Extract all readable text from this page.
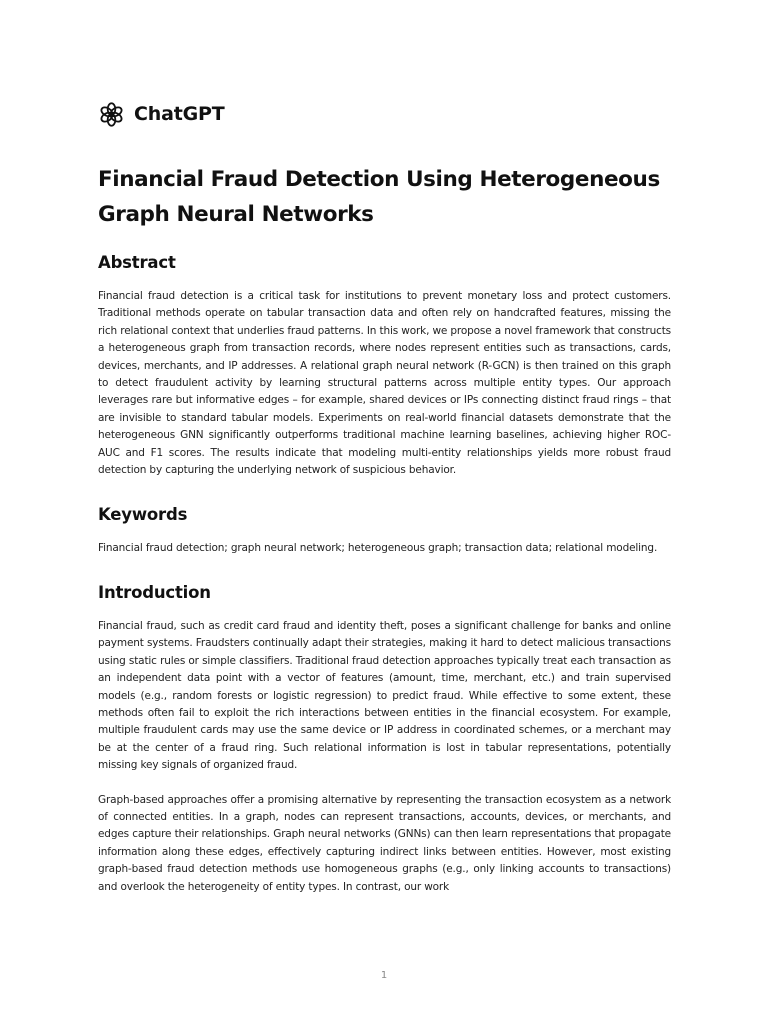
ChatGPT
Financial Fraud Detection Using Heterogeneous Graph Neural Networks
Abstract

Financial fraud detection is a critical task for institutions to prevent monetary loss and protect customers. Traditional methods operate on tabular transaction data and often rely on handcrafted features, missing the rich relational context that underlies fraud patterns. In this work, we propose a novel framework that constructs a heterogeneous graph from transaction records, where nodes represent entities such as transactions, cards, devices, merchants, and IP addresses. A relational graph neural network (R-GCN) is then trained on this graph to detect fraudulent activity by learning structural patterns across multiple entity types. Our approach leverages rare but informative edges – for example, shared devices or IPs connecting distinct fraud rings – that are invisible to standard tabular models. Experiments on real-world financial datasets demonstrate that the heterogeneous GNN significantly outperforms traditional machine learning baselines, achieving higher ROC-AUC and F1 scores. The results indicate that modeling multi-entity relationships yields more robust fraud detection by capturing the underlying network of suspicious behavior.

Keywords

Financial fraud detection; graph neural network; heterogeneous graph; transaction data; relational modeling.

Introduction

Financial fraud, such as credit card fraud and identity theft, poses a significant challenge for banks and online payment systems. Fraudsters continually adapt their strategies, making it hard to detect malicious transactions using static rules or simple classifiers. Traditional fraud detection approaches typically treat each transaction as an independent data point with a vector of features (amount, time, merchant, etc.) and train supervised models (e.g., random forests or logistic regression) to predict fraud. While effective to some extent, these methods often fail to exploit the rich interactions between entities in the financial ecosystem. For example, multiple fraudulent cards may use the same device or IP address in coordinated schemes, or a merchant may be at the center of a fraud ring. Such relational information is lost in tabular representations, potentially missing key signals of organized fraud.

Graph-based approaches offer a promising alternative by representing the transaction ecosystem as a network of connected entities. In a graph, nodes can represent transactions, accounts, devices, or merchants, and edges capture their relationships. Graph neural networks (GNNs) can then learn representations that propagate information along these edges, effectively capturing indirect links between entities. However, most existing graph-based fraud detection methods use homogeneous graphs (e.g., only linking accounts to transactions) and overlook the heterogeneity of entity types. In contrast, our work

1
